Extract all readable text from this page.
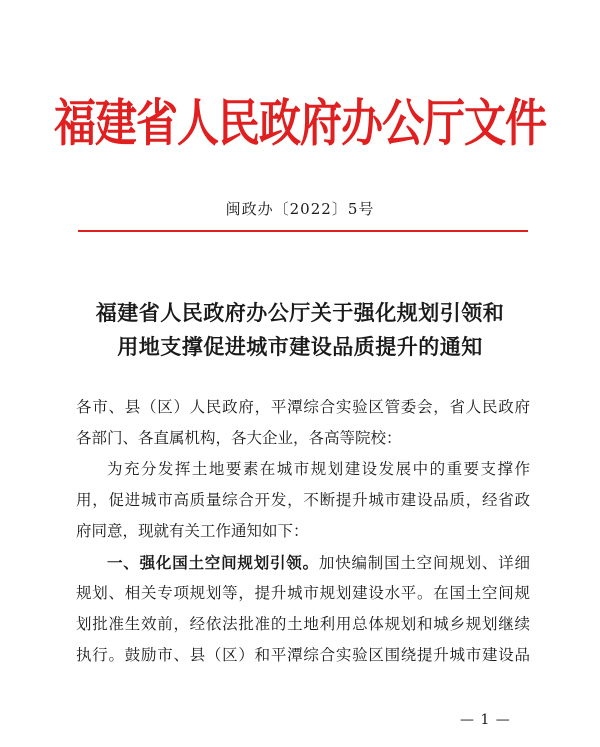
福建省人民政府办公厅文件
闽政办〔2022〕5号
福建省人民政府办公厅关于强化规划引领和
用地支撑促进城市建设品质提升的通知
各市、县（区）人民政府，平潭综合实验区管委会，省人民政府
各部门、各直属机构，各大企业，各高等院校：
为充分发挥土地要素在城市规划建设发展中的重要支撑作
用，促进城市高质量综合开发，不断提升城市建设品质，经省政
府同意，现就有关工作通知如下：
一、强化国土空间规划引领。加快编制国土空间规划、详细
规划、相关专项规划等，提升城市规划建设水平。在国土空间规
划批准生效前，经依法批准的土地利用总体规划和城乡规划继续
执行。鼓励市、县（区）和平潭综合实验区围绕提升城市建设品
— 1 —
